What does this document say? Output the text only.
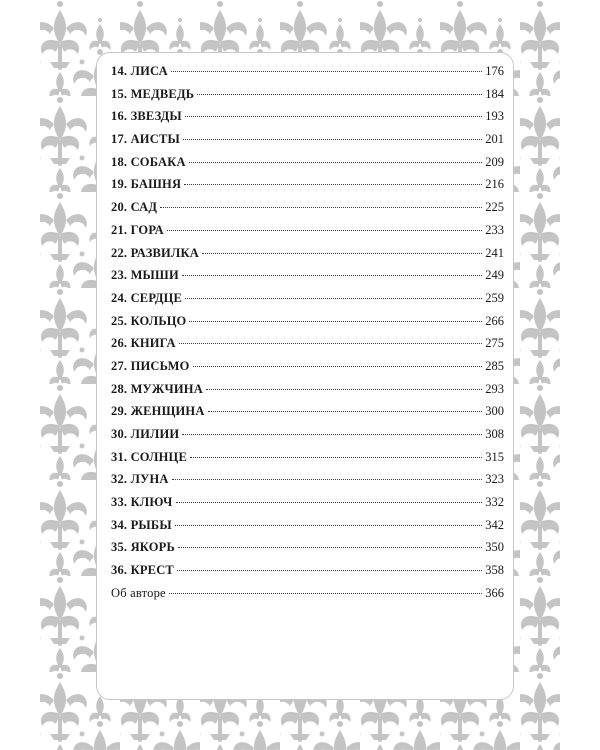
14. ЛИСА	176
15. МЕДВЕДЬ	184
16. ЗВЕЗДЫ	193
17. АИСТЫ	201
18. СОБАКА	209
19. БАШНЯ	216
20. САД	225
21. ГОРА	233
22. РАЗВИЛКА	241
23. МЫШИ	249
24. СЕРДЦЕ	259
25. КОЛЬЦО	266
26. КНИГА	275
27. ПИСЬМО	285
28. МУЖЧИНА	293
29. ЖЕНЩИНА	300
30. ЛИЛИИ	308
31. СОЛНЦЕ	315
32. ЛУНА	323
33. КЛЮЧ	332
34. РЫБЫ	342
35. ЯКОРЬ	350
36. КРЕСТ	358
Об авторе	366
